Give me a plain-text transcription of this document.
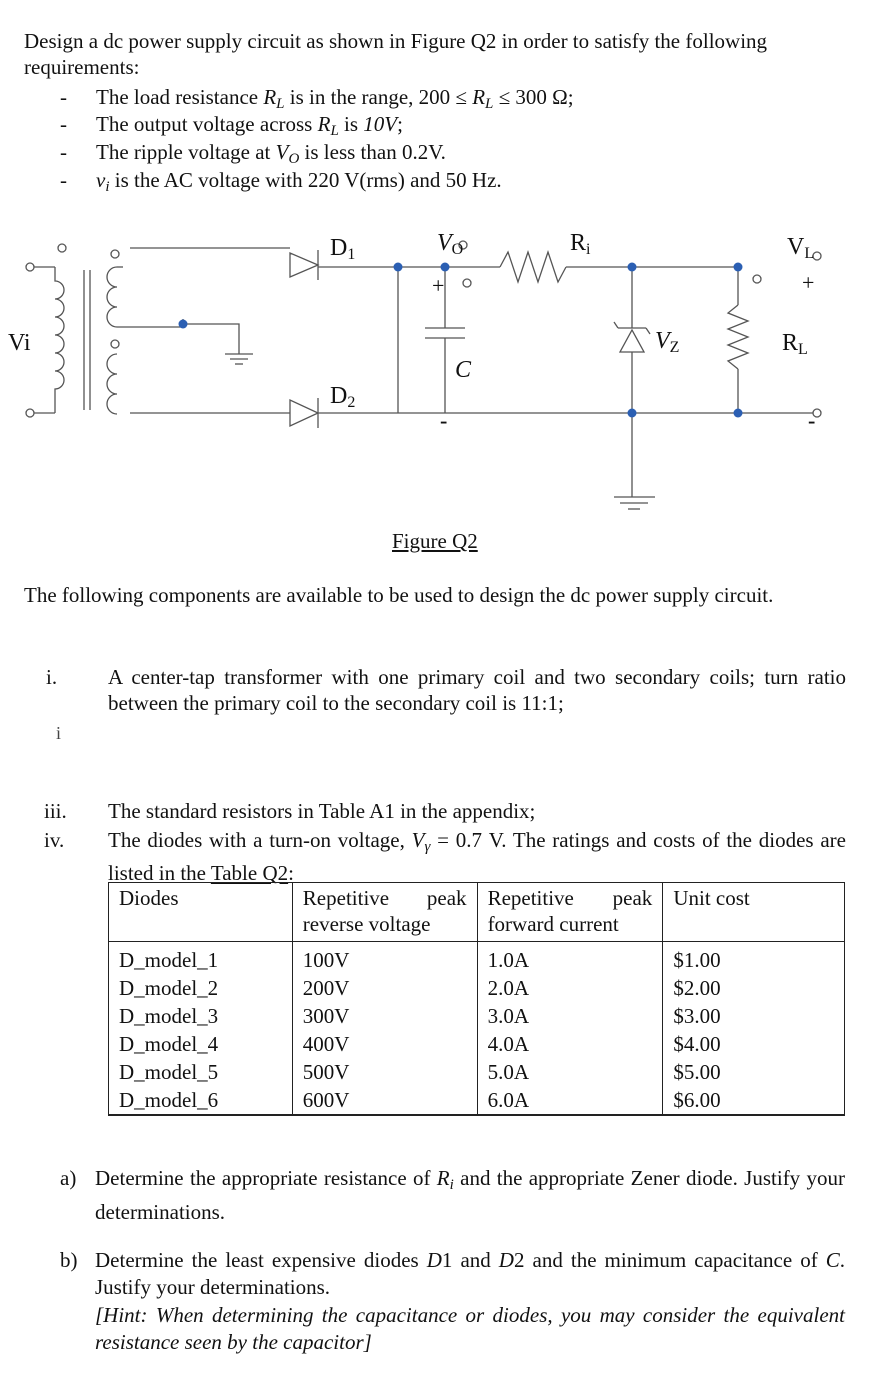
Design a dc power supply circuit as shown in Figure Q2 in order to satisfy the following
requirements:
- The load resistance $R_L$ is in the range, $200 \le R_L \le 300$ Ω;
- The output voltage across $R_L$ is 10V;
- The ripple voltage at $V_O$ is less than 0.2V.
- $v_i$ is the AC voltage with 220 V(rms) and 50 Hz.
Vi
D1
D2
VO
+
C
-
Ri
VZ
VL
+
RL
-
Figure Q2
The following components are available to be used to design the dc power supply circuit.
i. A center-tap transformer with one primary coil and two secondary coils; turn ratio between the primary coil to the secondary coil is 11:1;
i
iii. The standard resistors in Table A1 in the appendix;
iv. The diodes with a turn-on voltage, $V_\gamma = 0.7$ V. The ratings and costs of the diodes are listed in the Table Q2:
Diodes	Repetitive peak reverse voltage	Repetitive peak forward current	Unit cost
D_model_1	100V	1.0A	$1.00
D_model_2	200V	2.0A	$2.00
D_model_3	300V	3.0A	$3.00
D_model_4	400V	4.0A	$4.00
D_model_5	500V	5.0A	$5.00
D_model_6	600V	6.0A	$6.00
a) Determine the appropriate resistance of $R_i$ and the appropriate Zener diode. Justify your determinations.
b) Determine the least expensive diodes D1 and D2 and the minimum capacitance of C. Justify your determinations.
[Hint: When determining the capacitance or diodes, you may consider the equivalent resistance seen by the capacitor]
